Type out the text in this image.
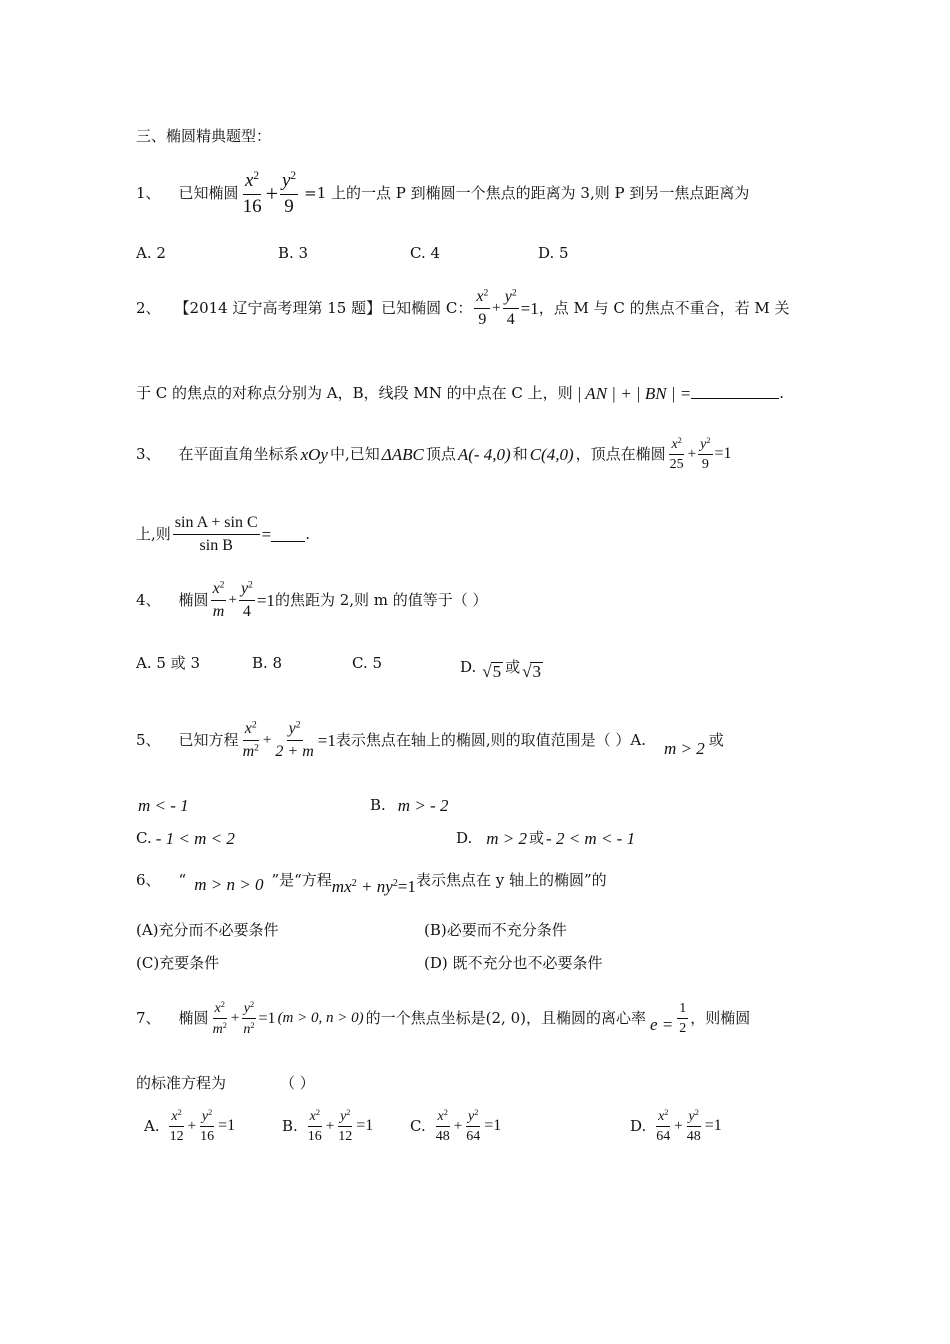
三、椭圆精典题型：
1、 已知椭圆 $\frac{x^2}{16} + \frac{y^2}{9} =1$ 上的一点 P 到椭圆一个焦点的距离为 3,则 P 到另一焦点距离为
A. 2	B. 3	C. 4	D. 5
2、 【2014 辽宁高考理第 15 题】 已知椭圆 C： $\frac{x^2}{9} + \frac{y^2}{4} =1$ ，点 M 与 C 的焦点不重合，若 M 关
于 C 的焦点的对称点分别为 A，B，线段 MN 的中点在 C 上，则 | AN | + | BN | =	.
3、 在平面直角坐标系 xOy 中,已知 ΔABC 顶点 A(- 4,0) 和 C(4,0) ，顶点在椭圆 $\frac{x^2}{25} + \frac{y^2}{9} =1$
上,则 $\frac{\text{sin A + sin C}}{\text{sin B}}$ = .
4、 椭圆 $\frac{x^2}{m} + \frac{y^2}{4} =1$ 的焦距为 2,则 m 的值等于（ ）
A. 5 或 3	B. 8	C. 5	D. √ 5 或 √ 3
5、 已知方程 $\frac{x^2}{m^2} + \frac{y^2}{2 + m} =1$ 表示焦点在轴上的椭圆,则的取值范围是（ ）A. m > 2 或
m < - 1	B. m > - 2
C. - 1 < m < 2	D. m > 2 或 - 2 < m < - 1
6、 “ m > n > 0 ”是“方程 $mx^2 + ny^2=1$ 表示焦点在 y 轴上的椭圆”的
(A)充分而不必要条件	(B)必要而不充分条件
(C)充要条件	(D) 既不充分也不必要条件
7、 椭圆 $\frac{x^2}{m^2} + \frac{y^2}{n^2} =1$ (m > 0, n > 0) 的一个焦点坐标是(2, 0)，且椭圆的离心率 $e = \frac{1}{2}$ ，则椭圆
的标准方程为	（ ）
A. $\frac{x^2}{12} + \frac{y^2}{16} =1$	B. $\frac{x^2}{16} + \frac{y^2}{12} =1$ C. $\frac{x^2}{48} + \frac{y^2}{64} =1$	D. $\frac{x^2}{64} + \frac{y^2}{48} =1$
